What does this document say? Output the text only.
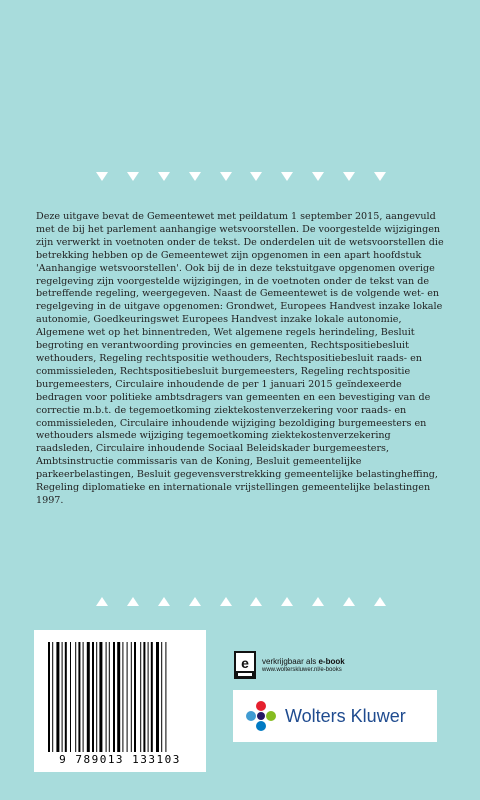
Deze uitgave bevat de Gemeentewet met peildatum 1 september 2015, aangevuld met de bij het parlement aanhangige wetsvoorstellen. De voorgestelde wijzigingen zijn verwerkt in voetnoten onder de tekst. De onderdelen uit de wetsvoorstellen die betrekking hebben op de Gemeentewet zijn opgenomen in een apart hoofdstuk 'Aanhangige wetsvoorstellen'. Ook bij de in deze tekstuitgave opgenomen overige regelgeving zijn voorgestelde wijzigingen, in de voetnoten onder de tekst van de betreffende regeling, weergegeven. Naast de Gemeentewet is de volgende wet- en regelgeving in de uitgave opgenomen: Grondwet, Europees Handvest inzake lokale autonomie, Goedkeuringswet Europees Handvest inzake lokale autonomie, Algemene wet op het binnentreden, Wet algemene regels herindeling, Besluit begroting en verantwoording provincies en gemeenten, Rechtspositiebesluit wethouders, Regeling rechtspositie wethouders, Rechtspositiebesluit raads- en commissieleden, Rechtspositiebesluit burgemeesters, Regeling rechtspositie burgemeesters, Circulaire inhoudende de per 1 januari 2015 geïndexeerde bedragen voor politieke ambtsdragers van gemeenten en een bevestiging van de correctie m.b.t. de tegemoetkoming ziektekostenverzekering voor raads- en commissieleden, Circulaire inhoudende wijziging bezoldiging burgemeesters en wethouders alsmede wijziging tegemoetkoming ziektekostenverzekering raadsleden, Circulaire inhoudende Sociaal Beleidskader burgemeesters, Ambtsinstructie commissaris van de Koning, Besluit gemeentelijke parkeerbelastingen, Besluit gegevensverstrekking gemeentelijke belastingheffing, Regeling diplomatieke en internationale vrijstellingen gemeentelijke belastingen 1997.

9 789013 133103
e verkrijgbaar als e-book
www.wolterskluwer.nl/e-books
Wolters Kluwer
